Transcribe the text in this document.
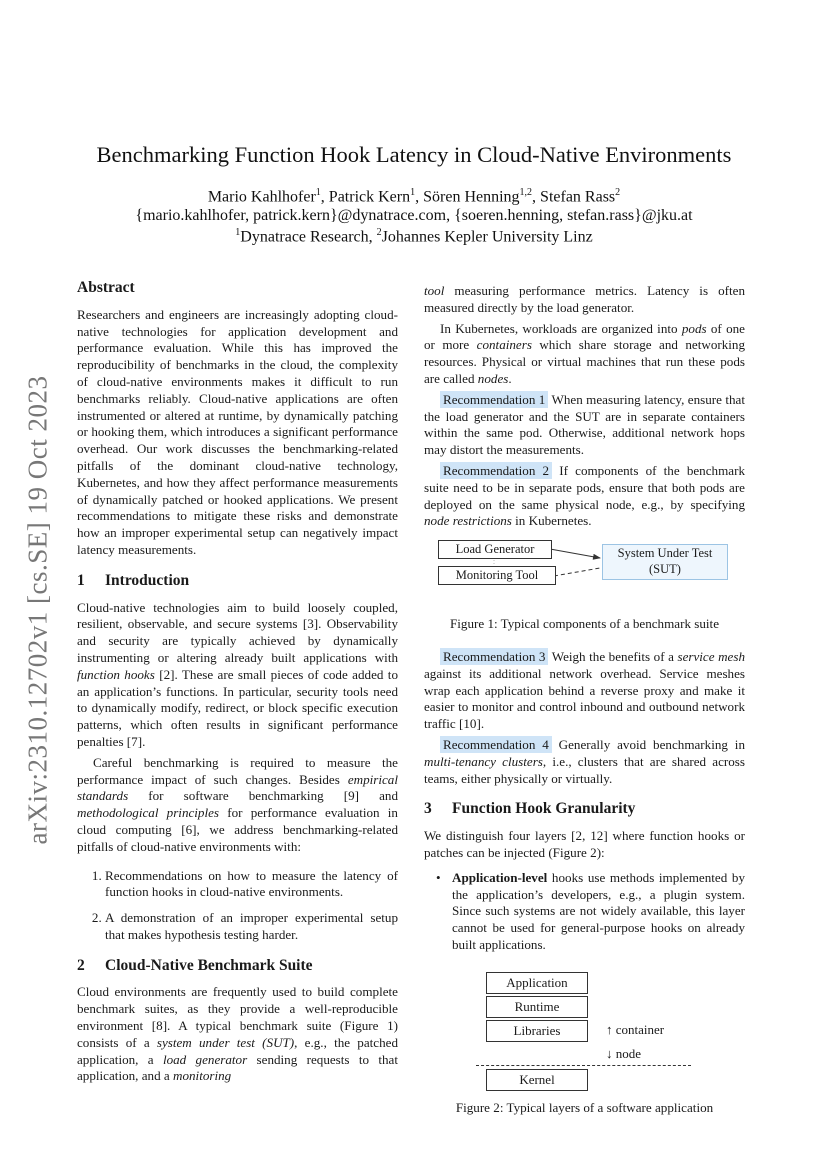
arXiv:2310.12702v1 [cs.SE] 19 Oct 2023
Benchmarking Function Hook Latency in Cloud-Native Environments
Mario Kahlhofer$^1$, Patrick Kern$^1$, Sören Henning$^{1,2}$, Stefan Rass$^2$
{mario.kahlhofer, patrick.kern}@dynatrace.com, {soeren.henning, stefan.rass}@jku.at
$^1$Dynatrace Research, $^2$Johannes Kepler University Linz
Abstract

Researchers and engineers are increasingly adopting cloud-native technologies for application development and performance evaluation. While this has improved the reproducibility of benchmarks in the cloud, the complexity of cloud-native environments makes it difficult to run benchmarks reliably. Cloud-native applications are often instrumented or altered at runtime, by dynamically patching or hooking them, which introduces a significant performance overhead. Our work discusses the benchmarking-related pitfalls of the dominant cloud-native technology, Kubernetes, and how they affect performance measurements of dynamically patched or hooked applications. We present recommendations to mitigate these risks and demonstrate how an improper experimental setup can negatively impact latency measurements.

1 Introduction

Cloud-native technologies aim to build loosely coupled, resilient, observable, and secure systems [3]. Observability and security are typically achieved by dynamically instrumenting or altering already built applications with function hooks [2]. These are small pieces of code added to an application’s functions. In particular, security tools need to dynamically modify, redirect, or block specific execution patterns, which often results in significant performance penalties [7].

Careful benchmarking is required to measure the performance impact of such changes. Besides empirical standards for software benchmarking [9] and methodological principles for performance evaluation in cloud computing [6], we address benchmarking-related pitfalls of cloud-native environments with:

1. Recommendations on how to measure the latency of function hooks in cloud-native environments.
2. A demonstration of an improper experimental setup that makes hypothesis testing harder.
2 Cloud-Native Benchmark Suite

Cloud environments are frequently used to build complete benchmark suites, as they provide a well-reproducible environment [8]. A typical benchmark suite (Figure 1) consists of a system under test (SUT), e.g., the patched application, a load generator sending requests to that application, and a monitoring

tool measuring performance metrics. Latency is often measured directly by the load generator.

In Kubernetes, workloads are organized into pods of one or more containers which share storage and networking resources. Physical or virtual machines that run these pods are called nodes.

Recommendation 1 When measuring latency, ensure that the load generator and the SUT are in separate containers within the same pod. Otherwise, additional network hops may distort the measurements.

Recommendation 2 If components of the benchmark suite need to be in separate pods, ensure that both pods are deployed on the same physical node, e.g., by specifying node restrictions in Kubernetes.

Load Generator
Monitoring Tool
System Under Test
(SUT)
Figure 1: Typical components of a benchmark suite

Recommendation 3 Weigh the benefits of a service mesh against its additional network overhead. Service meshes wrap each application behind a reverse proxy and make it easier to monitor and control inbound and outbound network traffic [10].

Recommendation 4 Generally avoid benchmarking in multi-tenancy clusters, i.e., clusters that are shared across teams, either physically or virtually.

3 Function Hook Granularity

We distinguish four layers [2, 12] where function hooks or patches can be injected (Figure 2):

• Application-level hooks use methods implemented by the application’s developers, e.g., a plugin system. Since such systems are not widely available, this layer cannot be used for general-purpose hooks on already built applications.
Application
Runtime
Libraries
Kernel
↑ container
↓ node
Figure 2: Typical layers of a software application
